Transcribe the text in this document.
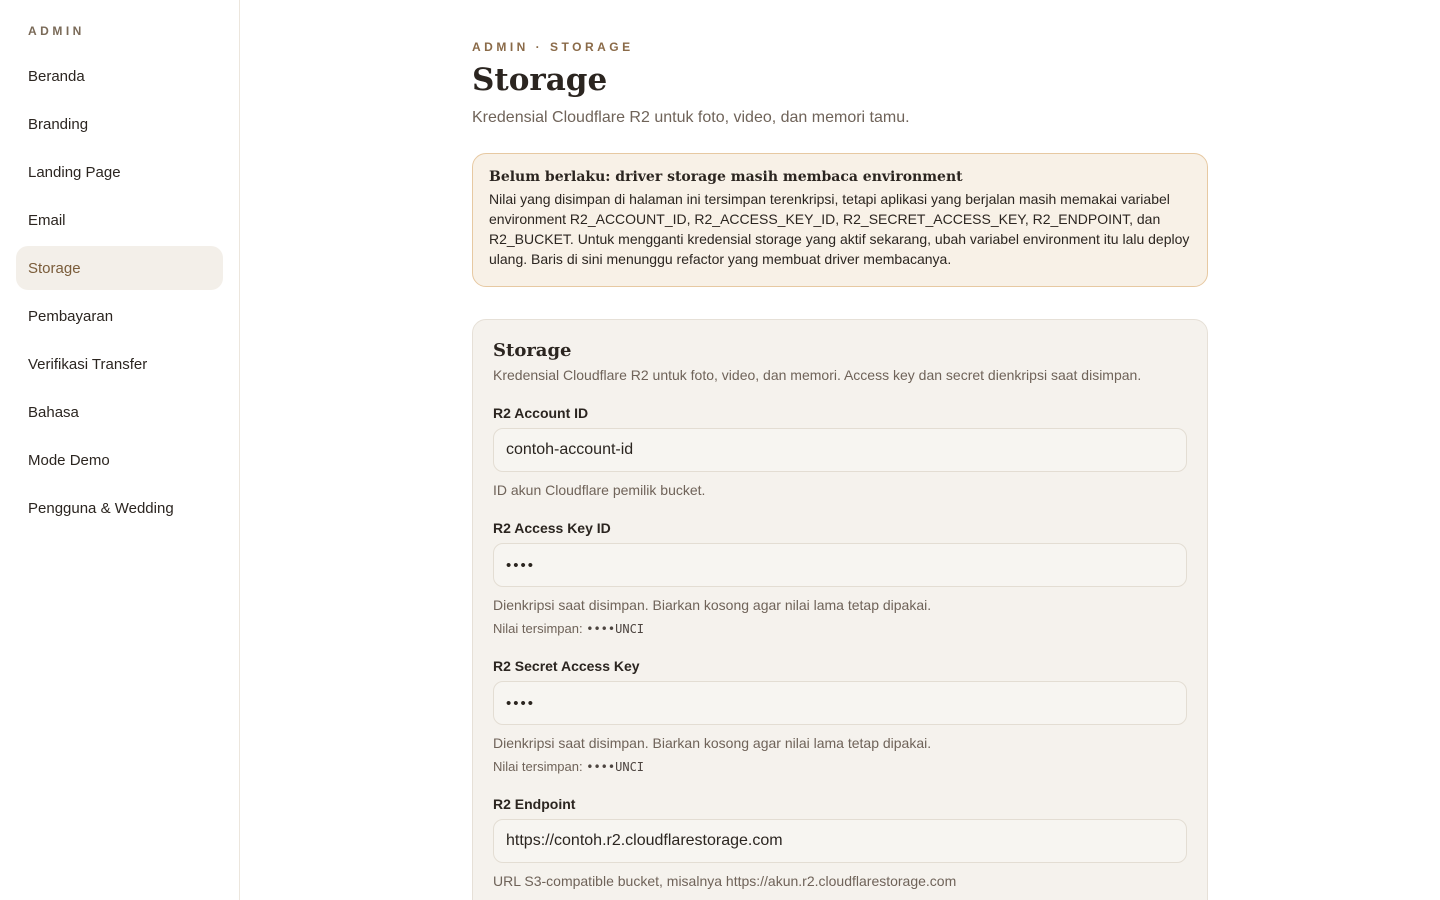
ADMIN
Beranda
Branding
Landing Page
Email
Storage
Pembayaran
Verifikasi Transfer
Bahasa
Mode Demo
Pengguna & Wedding
ADMIN · STORAGE
Storage

Kredensial Cloudflare R2 untuk foto, video, dan memori tamu.

Belum berlaku: driver storage masih membaca environment
Nilai yang disimpan di halaman ini tersimpan terenkripsi, tetapi aplikasi yang berjalan masih memakai variabel environment R2_ACCOUNT_ID, R2_ACCESS_KEY_ID, R2_SECRET_ACCESS_KEY, R2_ENDPOINT, dan R2_BUCKET. Untuk mengganti kredensial storage yang aktif sekarang, ubah variabel environment itu lalu deploy ulang. Baris di sini menunggu refactor yang membuat driver membacanya.
Storage

Kredensial Cloudflare R2 untuk foto, video, dan memori. Access key dan secret dienkripsi saat disimpan.

R2 Account ID
contoh-account-id
ID akun Cloudflare pemilik bucket.
R2 Access Key ID
••••
Dienkripsi saat disimpan. Biarkan kosong agar nilai lama tetap dipakai.
Nilai tersimpan: ••••UNCI
R2 Secret Access Key
••••
Dienkripsi saat disimpan. Biarkan kosong agar nilai lama tetap dipakai.
Nilai tersimpan: ••••UNCI
R2 Endpoint
https://contoh.r2.cloudflarestorage.com
URL S3-compatible bucket, misalnya https://akun.r2.cloudflarestorage.com
